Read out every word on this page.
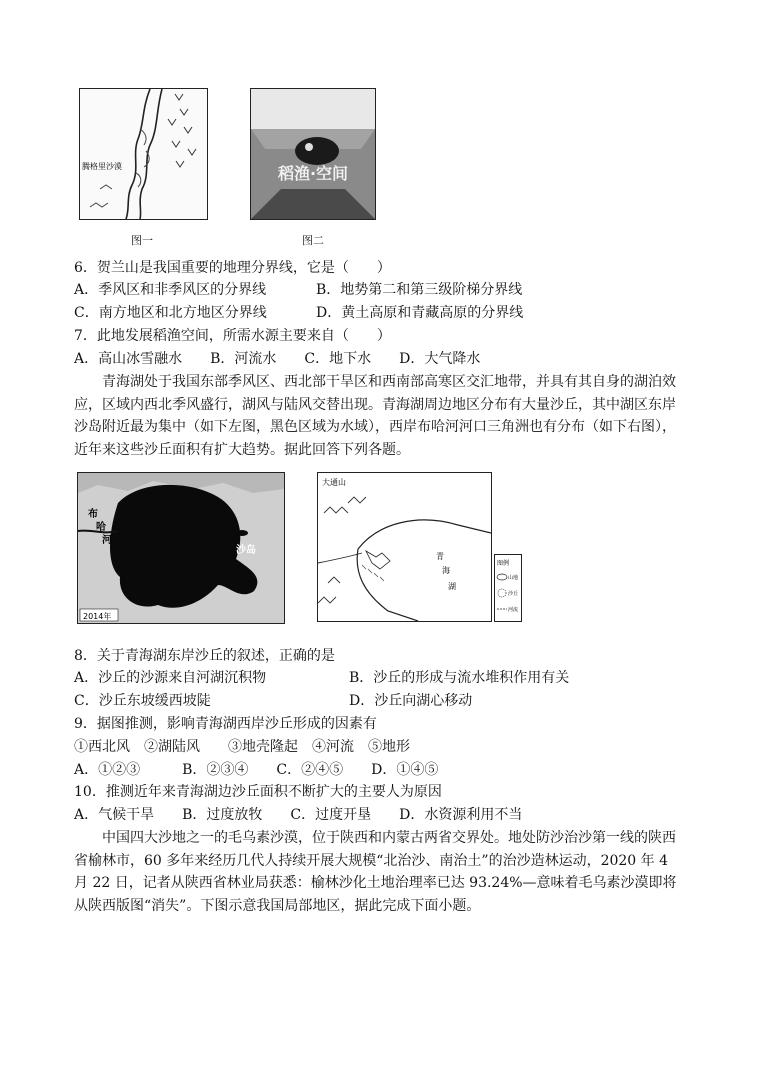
腾格里沙漠
图一
稻渔·空间
图二
6．贺兰山是我国重要的地理分界线，它是（　　）
A．季风区和非季风区的分界线	B．地势第二和第三级阶梯分界线
C．南方地区和北方地区分界线	D．黄土高原和青藏高原的分界线
7．此地发展稻渔空间，所需水源主要来自（　　）
A．高山冰雪融水　　B．河流水　　C．地下水　　D．大气降水
青海湖处于我国东部季风区、西北部干旱区和西南部高寒区交汇地带，并具有其自身的湖泊效应，区域内西北季风盛行，湖风与陆风交替出现。青海湖周边地区分布有大量沙丘，其中湖区东岸沙岛附近最为集中（如下左图，黑色区域为水域），西岸布哈河河口三角洲也有分布（如下右图），近年来这些沙丘面积有扩大趋势。据此回答下列各题。
布
哈
河
沙岛
2014年
大通山
青
海
湖
图例
山地
沙丘
河流
8．关于青海湖东岸沙丘的叙述，正确的是
A．沙丘的沙源来自河湖沉积物	B．沙丘的形成与流水堆积作用有关
C．沙丘东坡缓西坡陡	D．沙丘向湖心移动
9．据图推测，影响青海湖西岸沙丘形成的因素有
①西北风　②湖陆风　　③地壳隆起　④河流　⑤地形
A．①②③　　　B．②③④　　C．②④⑤　　D．①④⑤
10．推测近年来青海湖边沙丘面积不断扩大的主要人为原因
A．气候干旱　　B．过度放牧　　C．过度开垦　　D．水资源利用不当
中国四大沙地之一的毛乌素沙漠，位于陕西和内蒙古两省交界处。地处防沙治沙第一线的陕西省榆林市，60 多年来经历几代人持续开展大规模“北治沙、南治土”的治沙造林运动，2020 年 4 月 22 日，记者从陕西省林业局获悉：榆林沙化土地治理率已达 93.24%—意味着毛乌素沙漠即将从陕西版图“消失”。下图示意我国局部地区，据此完成下面小题。
